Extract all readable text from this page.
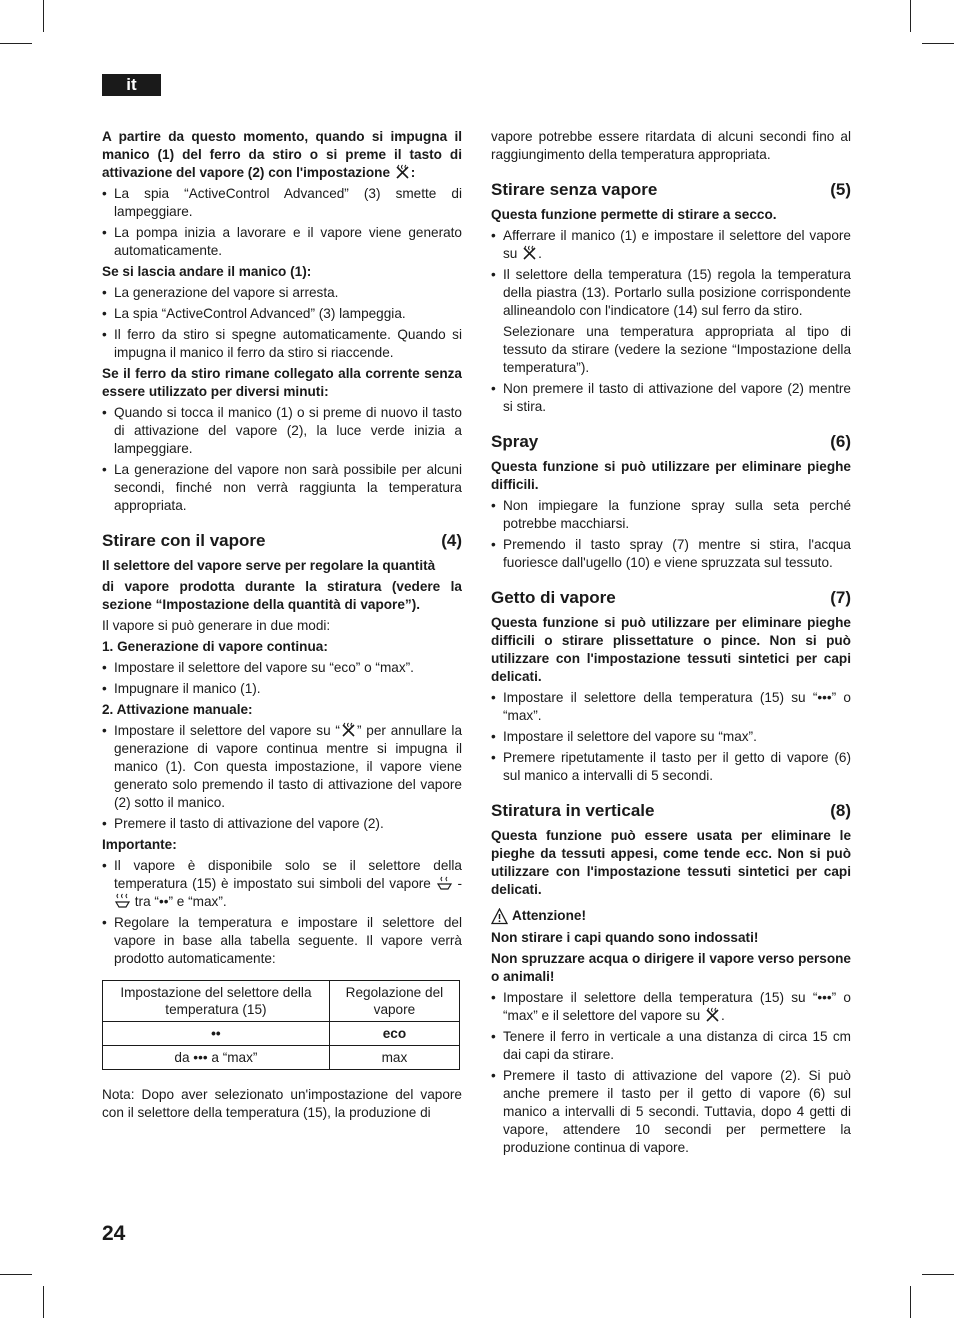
it

A partire da questo momento, quando si impugna il manico (1) del ferro da stiro o si preme il tasto di attivazione del vapore (2) con l'impostazione :

• La spia “ActiveControl Advanced” (3) smette di lampeggiare.
• La pompa inizia a lavorare e il vapore viene generato automaticamente.

Se si lascia andare il manico (1):

• La generazione del vapore si arresta.
• La spia “ActiveControl Advanced” (3) lampeggia.
• Il ferro da stiro si spegne automaticamente. Quando si impugna il manico il ferro da stiro si riaccende.

Se il ferro da stiro rimane collegato alla corrente senza essere utilizzato per diversi minuti:

• Quando si tocca il manico (1) o si preme di nuovo il tasto di attivazione del vapore (2), la luce verde inizia a lampeggiare.
• La generazione del vapore non sarà possibile per alcuni secondi, finché non verrà raggiunta la temperatura appropriata.
Stirare con il vapore	(4)

Il selettore del vapore serve per regolare la quantità

di vapore prodotta durante la stiratura (vedere la sezione “Impostazione della quantità di vapore”).

Il vapore si può generare in due modi:

1. Generazione di vapore continua:

• Impostare il selettore del vapore su “eco” o “max”.
• Impugnare il manico (1).

2. Attivazione manuale:

• Impostare il selettore del vapore su “ ” per annullare la generazione di vapore continua mentre si impugna il manico (1). Con questa impostazione, il vapore viene generato solo premendo il tasto di attivazione del vapore (2) sotto il manico.
• Premere il tasto di attivazione del vapore (2).

Importante:

• Il vapore è disponibile solo se il selettore della temperatura (15) è impostato sui simboli del vapore
-
tra “••” e “max”.
• Regolare la temperatura e impostare il selettore del vapore in base alla tabella seguente. Il vapore verrà prodotto automaticamente:
Impostazione del selettore della temperatura (15)	Regolazione del vapore
••	eco
da ••• a “max”	max

Nota: Dopo aver selezionato un'impostazione del vapore con il selettore della temperatura (15), la produzione di

vapore potrebbe essere ritardata di alcuni secondi fino al raggiungimento della temperatura appropriata.

Stirare senza vapore	(5)

Questa funzione permette di stirare a secco.

• Afferrare il manico (1) e impostare il selettore del vapore su .
• Il selettore della temperatura (15) regola la temperatura della piastra (13). Portarlo sulla posizione corrispondente allineandolo con l'indicatore (14) sul ferro da stiro.
Selezionare una temperatura appropriata al tipo di tessuto da stirare (vedere la sezione “Impostazione della temperatura”).
• Non premere il tasto di attivazione del vapore (2) mentre si stira.
Spray	(6)

Questa funzione si può utilizzare per eliminare pieghe difficili.

• Non impiegare la funzione spray sulla seta perché potrebbe macchiarsi.
• Premendo il tasto spray (7) mentre si stira, l'acqua fuoriesce dall'ugello (10) e viene spruzzata sul tessuto.
Getto di vapore	(7)

Questa funzione si può utilizzare per eliminare pieghe difficili o stirare plissettature o pince. Non si può utilizzare con l'impostazione tessuti sintetici per capi delicati.

• Impostare il selettore della temperatura (15) su “•••” o “max”.
• Impostare il selettore del vapore su “max”.
• Premere ripetutamente il tasto per il getto di vapore (6) sul manico a intervalli di 5 secondi.
Stiratura in verticale	(8)

Questa funzione può essere usata per eliminare le pieghe da tessuti appesi, come tende ecc. Non si può utilizzare con l'impostazione tessuti sintetici per capi delicati.

Attenzione!

Non stirare i capi quando sono indossati!

Non spruzzare acqua o dirigere il vapore verso persone o animali!

• Impostare il selettore della temperatura (15) su “•••” o “max” e il selettore del vapore su .
• Tenere il ferro in verticale a una distanza di circa 15 cm dai capi da stirare.
• Premere il tasto di attivazione del vapore (2). Si può anche premere il tasto per il getto di vapore (6) sul manico a intervalli di 5 secondi. Tuttavia, dopo 4 getti di vapore, attendere 10 secondi per permettere la produzione continua di vapore.
24
